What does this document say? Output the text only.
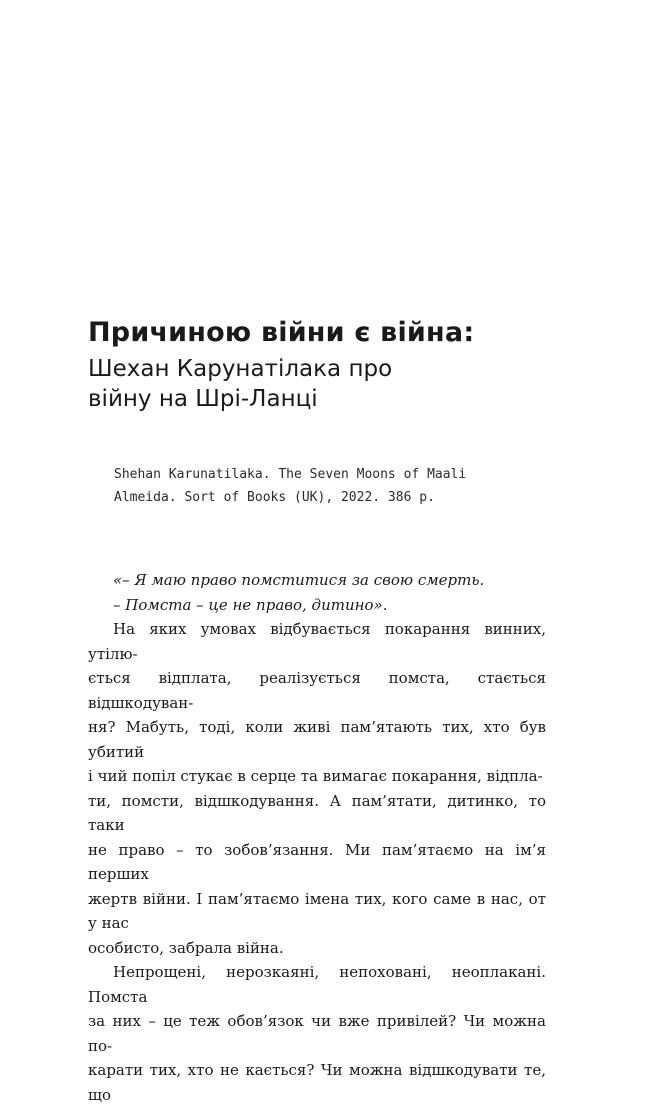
Причиною війни є війна:
Шехан Карунатілака про
війну на Шрі-Ланці
Shehan Karunatilaka. The Seven Moons of Maali
Almeida. Sort of Books (UK), 2022. 386 p.

«– Я маю право помститися за свою смерть.

– Помста – це не право, дитино».

На яких умовах відбувається покарання винних, утілю-
ється відплата, реалізується помста, стається відшкодуван-
ня? Мабуть, тоді, коли живі пам’ятають тих, хто був убитий
і чий попіл стукає в серце та вимагає покарання, відпла-
ти, помсти, відшкодування. А пам’ятати, дитинко, то таки
не право – то зобов’язання. Ми пам’ятаємо на ім’я перших
жертв війни. І пам’ятаємо імена тих, кого саме в нас, от у нас
особисто, забрала війна.

Непрощені, нерозкаяні, непоховані, неоплакані. Помста
за них – це теж обов’язок чи вже привілей? Чи можна по-
карати тих, хто не кається? Чи можна відшкодувати те, що
